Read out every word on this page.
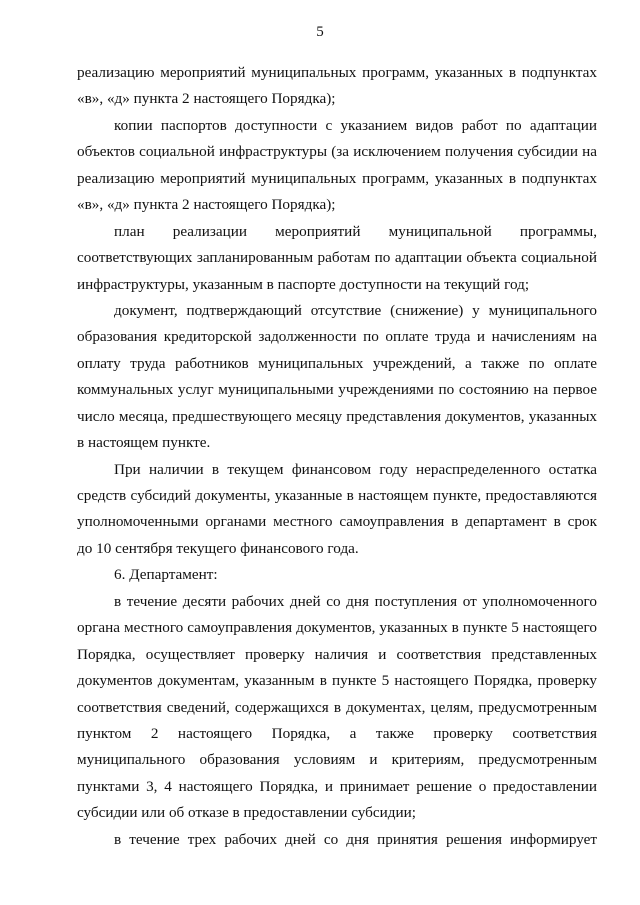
5
реализацию мероприятий муниципальных программ, указанных в подпунктах
«в», «д» пункта 2 настоящего Порядка);
копии паспортов доступности с указанием видов работ по адаптации
объектов социальной инфраструктуры (за исключением получения субсидии на
реализацию мероприятий муниципальных программ, указанных в подпунктах
«в», «д» пункта 2 настоящего Порядка);
план реализации мероприятий муниципальной программы,
соответствующих запланированным работам по адаптации объекта социальной
инфраструктуры, указанным в паспорте доступности на текущий год;
документ, подтверждающий отсутствие (снижение) у муниципального
образования кредиторской задолженности по оплате труда и начислениям на
оплату труда работников муниципальных учреждений, а также по оплате
коммунальных услуг муниципальными учреждениями по состоянию на первое
число месяца, предшествующего месяцу представления документов, указанных
в настоящем пункте.
При наличии в текущем финансовом году нераспределенного остатка
средств субсидий документы, указанные в настоящем пункте, предоставляются
уполномоченными органами местного самоуправления в департамент в срок
до 10 сентября текущего финансового года.
6. Департамент:
в течение десяти рабочих дней со дня поступления от уполномоченного
органа местного самоуправления документов, указанных в пункте 5 настоящего
Порядка, осуществляет проверку наличия и соответствия представленных
документов документам, указанным в пункте 5 настоящего Порядка, проверку
соответствия сведений, содержащихся в документах, целям, предусмотренным
пунктом 2 настоящего Порядка, а также проверку соответствия
муниципального образования условиям и критериям, предусмотренным
пунктами 3, 4 настоящего Порядка, и принимает решение о предоставлении
субсидии или об отказе в предоставлении субсидии;
в течение трех рабочих дней со дня принятия решения информирует
